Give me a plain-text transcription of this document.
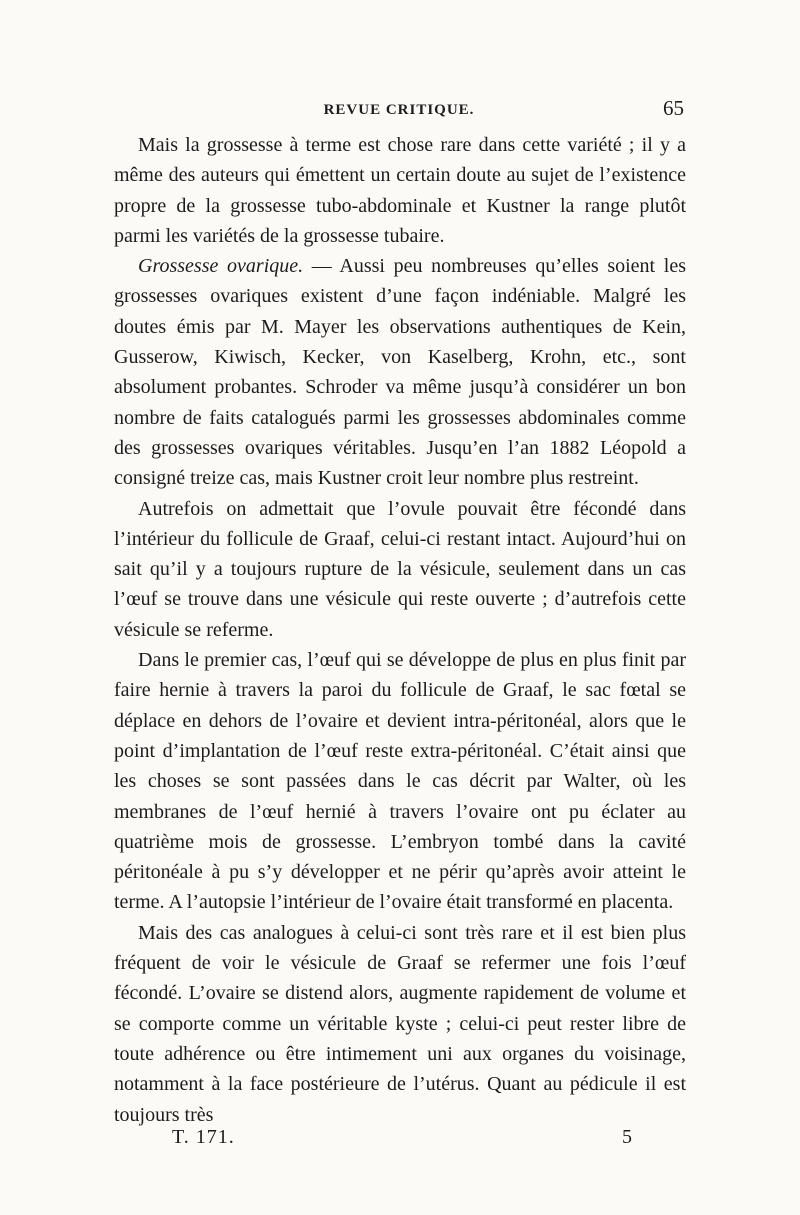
REVUE CRITIQUE.	65

Mais la grossesse à terme est chose rare dans cette variété ; il y a même des auteurs qui émettent un certain doute au sujet de l’existence propre de la grossesse tubo-abdominale et Kustner la range plutôt parmi les variétés de la grossesse tubaire.

Grossesse ovarique. — Aussi peu nombreuses qu’elles soient les grossesses ovariques existent d’une façon indéniable. Malgré les doutes émis par M. Mayer les observations authentiques de Kein, Gusserow, Kiwisch, Kecker, von Kaselberg, Krohn, etc., sont absolument probantes. Schroder va même jusqu’à considérer un bon nombre de faits catalogués parmi les grossesses abdominales comme des grossesses ovariques véritables. Jusqu’en l’an 1882 Léopold a consigné treize cas, mais Kustner croit leur nombre plus restreint.

Autrefois on admettait que l’ovule pouvait être fécondé dans l’intérieur du follicule de Graaf, celui-ci restant intact. Aujourd’hui on sait qu’il y a toujours rupture de la vésicule, seulement dans un cas l’œuf se trouve dans une vésicule qui reste ouverte ; d’autrefois cette vésicule se referme.

Dans le premier cas, l’œuf qui se développe de plus en plus finit par faire hernie à travers la paroi du follicule de Graaf, le sac fœtal se déplace en dehors de l’ovaire et devient intra-péritonéal, alors que le point d’implantation de l’œuf reste extra-péritonéal. C’était ainsi que les choses se sont passées dans le cas décrit par Walter, où les membranes de l’œuf hernié à travers l’ovaire ont pu éclater au quatrième mois de grossesse. L’embryon tombé dans la cavité péritonéale à pu s’y développer et ne périr qu’après avoir atteint le terme. A l’autopsie l’intérieur de l’ovaire était transformé en placenta.

Mais des cas analogues à celui-ci sont très rare et il est bien plus fréquent de voir le vésicule de Graaf se refermer une fois l’œuf fécondé. L’ovaire se distend alors, augmente rapidement de volume et se comporte comme un véritable kyste ; celui-ci peut rester libre de toute adhérence ou être intimement uni aux organes du voisinage, notamment à la face postérieure de l’utérus. Quant au pédicule il est toujours très

T. 171.	5
